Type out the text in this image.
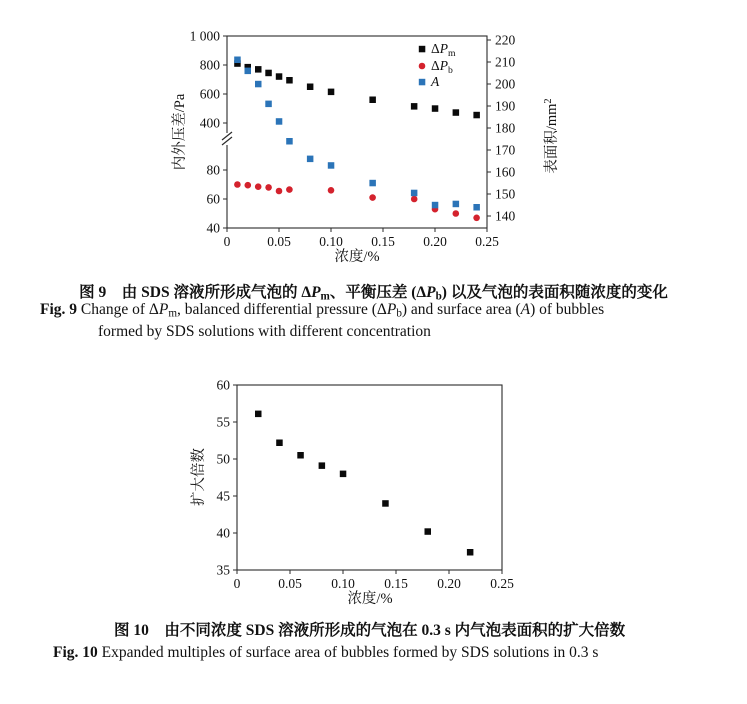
0	0.05 0.10 0.15 0.20 0.25
1 000
800
600
400
80
60
40
220
210
200
190
180
170
160
150
140
内外压差/Pa	表面积$/mm^2$
浓度/%
$\Delta P_m$
$\Delta P_b$
A
图 9　由 SDS 溶液所形成气泡的 $\Delta P_m$、平衡压差 $(\Delta P_b)$ 以及气泡的表面积随浓度的变化
Fig. 9 Change of $\Delta P_m$, balanced differential pressure $(\Delta P_b)$ and surface area (A) of bubbles
formed by SDS solutions with different concentration
0	0.05 0.10 0.15 0.20 0.25
60
55
50
45
40
35
扩大倍数
浓度/%
图 10　由不同浓度 SDS 溶液所形成的气泡在 0.3 s 内气泡表面积的扩大倍数
Fig. 10 Expanded multiples of surface area of bubbles formed by SDS solutions in 0.3 s
